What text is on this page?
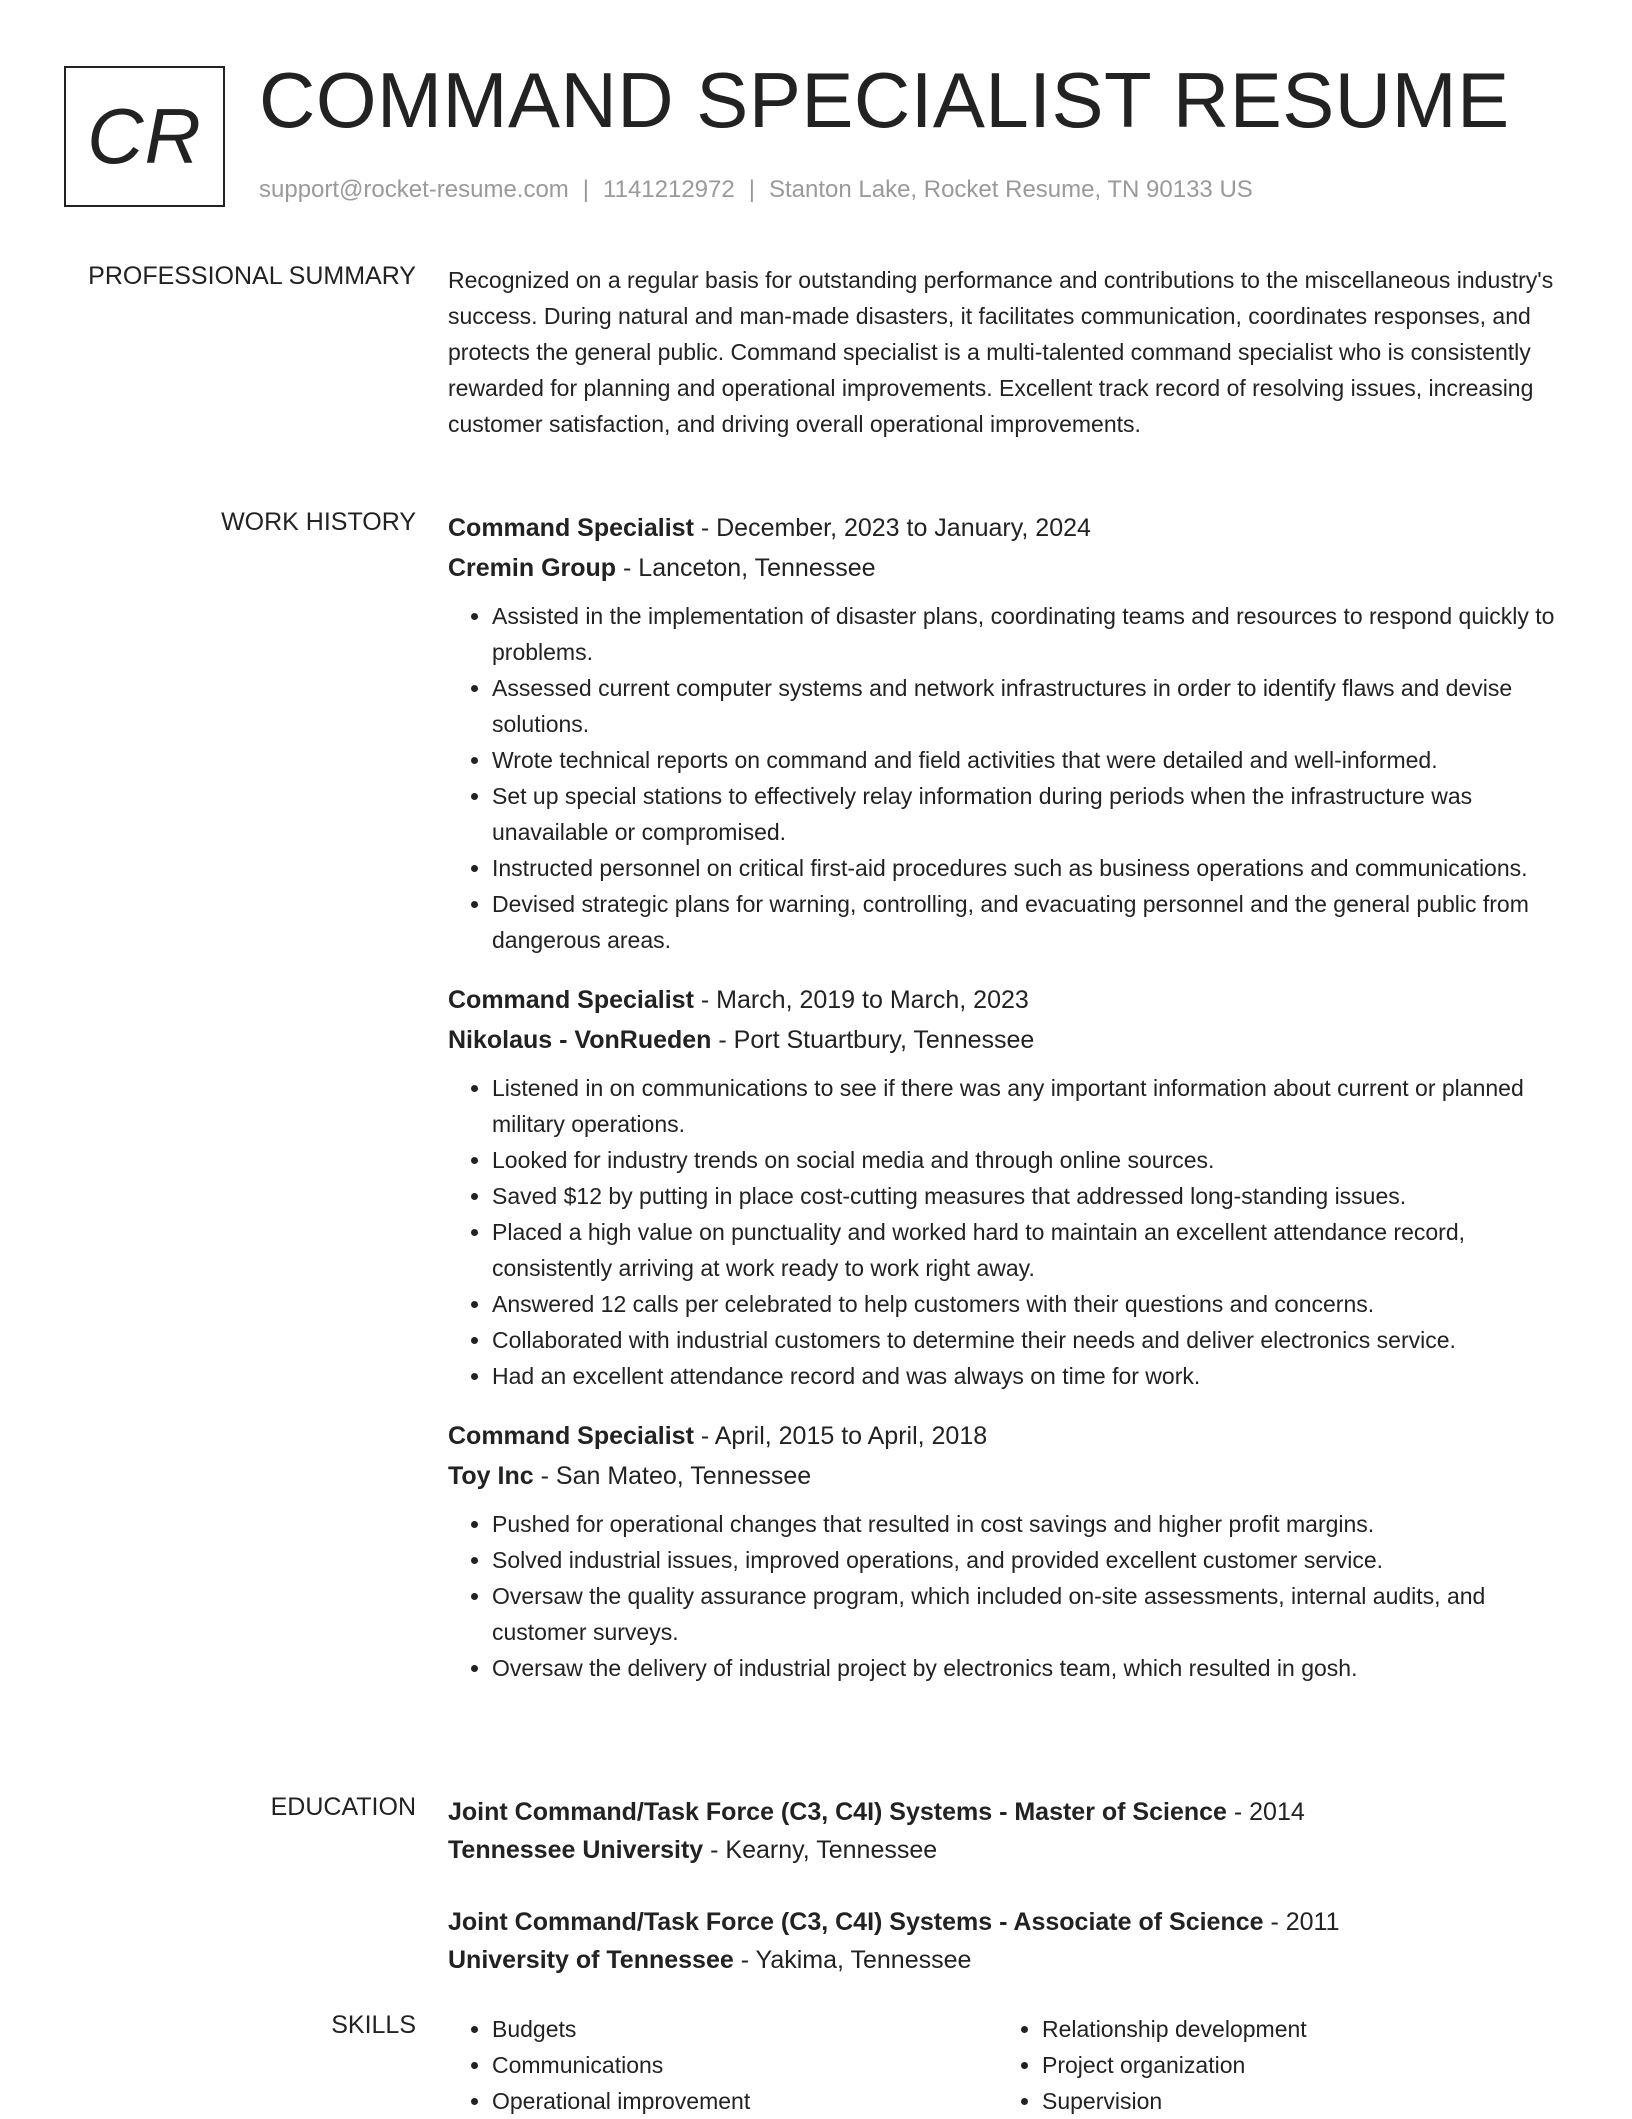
CR COMMAND SPECIALIST RESUME
support@rocket-resume.com | 1141212972 | Stanton Lake, Rocket Resume, TN 90133 US
PROFESSIONAL SUMMARY Recognized on a regular basis for outstanding performance and contributions to the miscellaneous industry's success. During natural and man-made disasters, it facilitates communication, coordinates responses, and protects the general public. Command specialist is a multi-talented command specialist who is consistently rewarded for planning and operational improvements. Excellent track record of resolving issues, increasing customer satisfaction, and driving overall operational improvements.

WORK HISTORY Command Specialist - December, 2023 to January, 2024
Cremin Group - Lanceton, Tennessee
• Assisted in the implementation of disaster plans, coordinating teams and resources to respond quickly to problems.
• Assessed current computer systems and network infrastructures in order to identify flaws and devise solutions.
• Wrote technical reports on command and field activities that were detailed and well-informed.
• Set up special stations to effectively relay information during periods when the infrastructure was unavailable or compromised.
• Instructed personnel on critical first-aid procedures such as business operations and communications.
• Devised strategic plans for warning, controlling, and evacuating personnel and the general public from dangerous areas.
Command Specialist - March, 2019 to March, 2023
Nikolaus - VonRueden - Port Stuartbury, Tennessee
• Listened in on communications to see if there was any important information about current or planned military operations.
• Looked for industry trends on social media and through online sources.
• Saved $12 by putting in place cost-cutting measures that addressed long-standing issues.
• Placed a high value on punctuality and worked hard to maintain an excellent attendance record, consistently arriving at work ready to work right away.
• Answered 12 calls per celebrated to help customers with their questions and concerns.
• Collaborated with industrial customers to determine their needs and deliver electronics service.
• Had an excellent attendance record and was always on time for work.
Command Specialist - April, 2015 to April, 2018
Toy Inc - San Mateo, Tennessee
• Pushed for operational changes that resulted in cost savings and higher profit margins.
• Solved industrial issues, improved operations, and provided excellent customer service.
• Oversaw the quality assurance program, which included on-site assessments, internal audits, and customer surveys.
• Oversaw the delivery of industrial project by electronics team, which resulted in gosh.
EDUCATION Joint Command/Task Force (C3, C4I) Systems - Master of Science - 2014
Tennessee University - Kearny, Tennessee
Joint Command/Task Force (C3, C4I) Systems - Associate of Science - 2011
University of Tennessee - Yakima, Tennessee
SKILLS
•	Budgets
• Communications
• Operational improvement
• Relationship development
• Project organization
• Supervision
